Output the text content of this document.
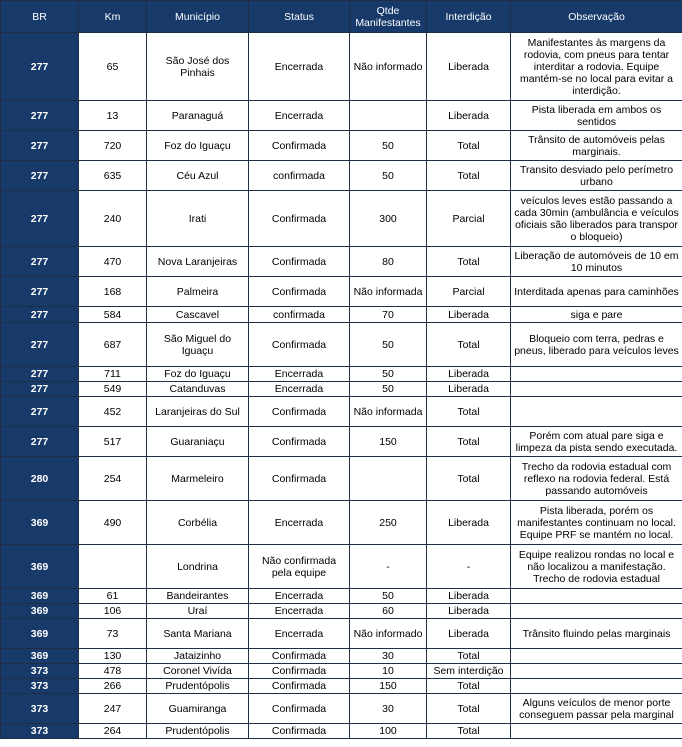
BR	Km	Município	Status	Qtde Manifestantes	Interdição	Observação
277	65	São José dos Pinhais	Encerrada	Não informado	Liberada	Manifestantes às margens da rodovia, com pneus para tentar interditar a rodovia. Equipe mantém-se no local para evitar a interdição.
277	13	Paranaguá	Encerrada		Liberada	Pista liberada em ambos os sentidos
277	720	Foz do Iguaçu	Confirmada	50	Total	Trânsito de automóveis pelas marginais.
277	635	Céu Azul	confirmada	50	Total	Transito desviado pelo perímetro urbano
277	240	Irati	Confirmada	300	Parcial	veículos leves estão passando a cada 30min (ambulância e veículos oficiais são liberados para transpor o bloqueio)
277	470	Nova Laranjeiras	Confirmada	80	Total	Liberação de automóveis de 10 em 10 minutos
277	168	Palmeira	Confirmada	Não informada	Parcial	Interditada apenas para caminhões
277	584	Cascavel	confirmada	70	Liberada	siga e pare
277	687	São Miguel do Iguaçu	Confirmada	50	Total	Bloqueio com terra, pedras e pneus, liberado para veículos leves
277	711	Foz do Iguaçu	Encerrada	50	Liberada	
277	549	Catanduvas	Encerrada	50	Liberada	
277	452	Laranjeiras do Sul	Confirmada	Não informada	Total	
277	517	Guaraniaçu	Confirmada	150	Total	Porém com atual pare siga e limpeza da pista sendo executada.
280	254	Marmeleiro	Confirmada		Total	Trecho da rodovia estadual com reflexo na rodovia federal. Está passando automóveis
369	490	Corbélia	Encerrada	250	Liberada	Pista liberada, porém os manifestantes continuam no local. Equipe PRF se mantém no local.
369		Londrina	Não confirmada pela equipe	-	-	Equipe realizou rondas no local e não localizou a manifestação. Trecho de rodovia estadual
369	61	Bandeirantes	Encerrada	50	Liberada	
369	106	Uraí	Encerrada	60	Liberada	
369	73	Santa Mariana	Encerrada	Não informado	Liberada	Trânsito fluindo pelas marginais
369	130	Jataizinho	Confirmada	30	Total	
373	478	Coronel Vivída	Confirmada	10	Sem interdição	
373	266	Prudentópolis	Confirmada	150	Total	
373	247	Guamiranga	Confirmada	30	Total	Alguns veículos de menor porte conseguem passar pela marginal
373	264	Prudentópolis	Confirmada	100	Total	
